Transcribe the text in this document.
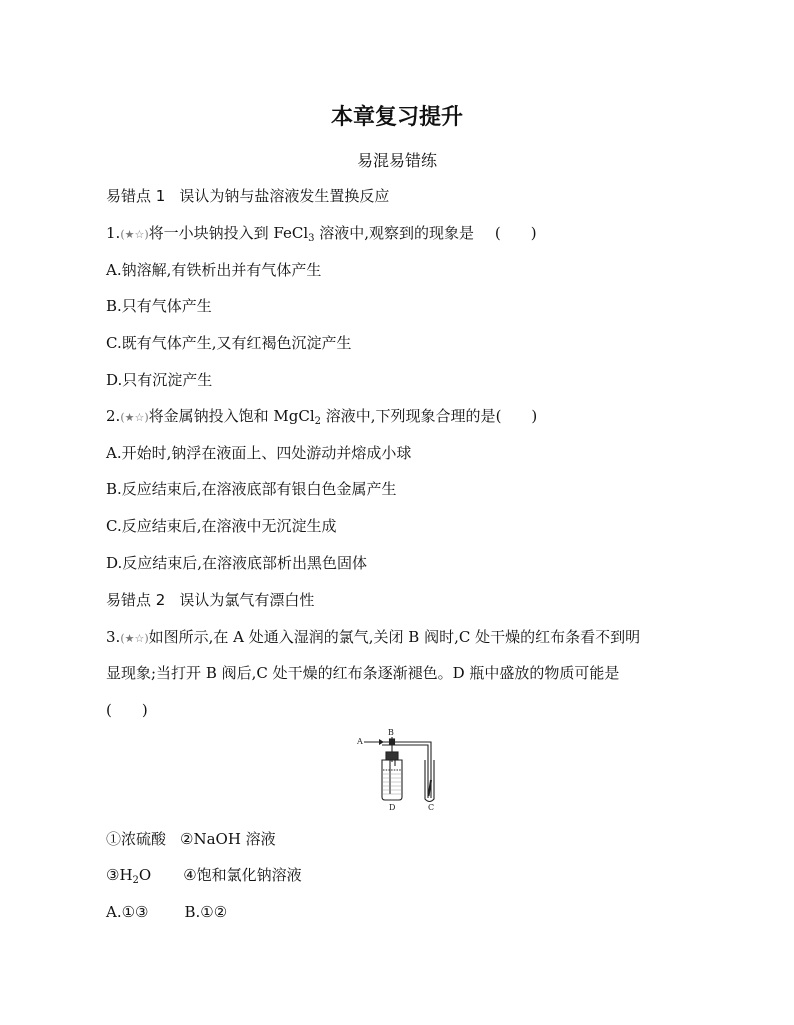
本章复习提升
易混易错练
易错点 1 误认为钠与盐溶液发生置换反应
1.(★☆)将一小块钠投入到 FeCl$_3$ 溶液中,观察到的现象是 (　　)
A.钠溶解,有铁析出并有气体产生
B.只有气体产生
C.既有气体产生,又有红褐色沉淀产生
D.只有沉淀产生
2.(★☆)将金属钠投入饱和 MgCl$_2$ 溶液中,下列现象合理的是(　　)
A.开始时,钠浮在液面上、四处游动并熔成小球
B.反应结束后,在溶液底部有银白色金属产生
C.反应结束后,在溶液中无沉淀生成
D.反应结束后,在溶液底部析出黑色固体
易错点 2 误认为氯气有漂白性
3.(★☆)如图所示,在 A 处通入湿润的氯气,关闭 B 阀时,C 处干燥的红布条看不到明
显现象;当打开 B 阀后,C 处干燥的红布条逐渐褪色。D 瓶中盛放的物质可能是
(　　)
A
B
D	C
①浓硫酸 ②NaOH 溶液
$③H_2O$ ④饱和氯化钠溶液
A.①③ B.①②
